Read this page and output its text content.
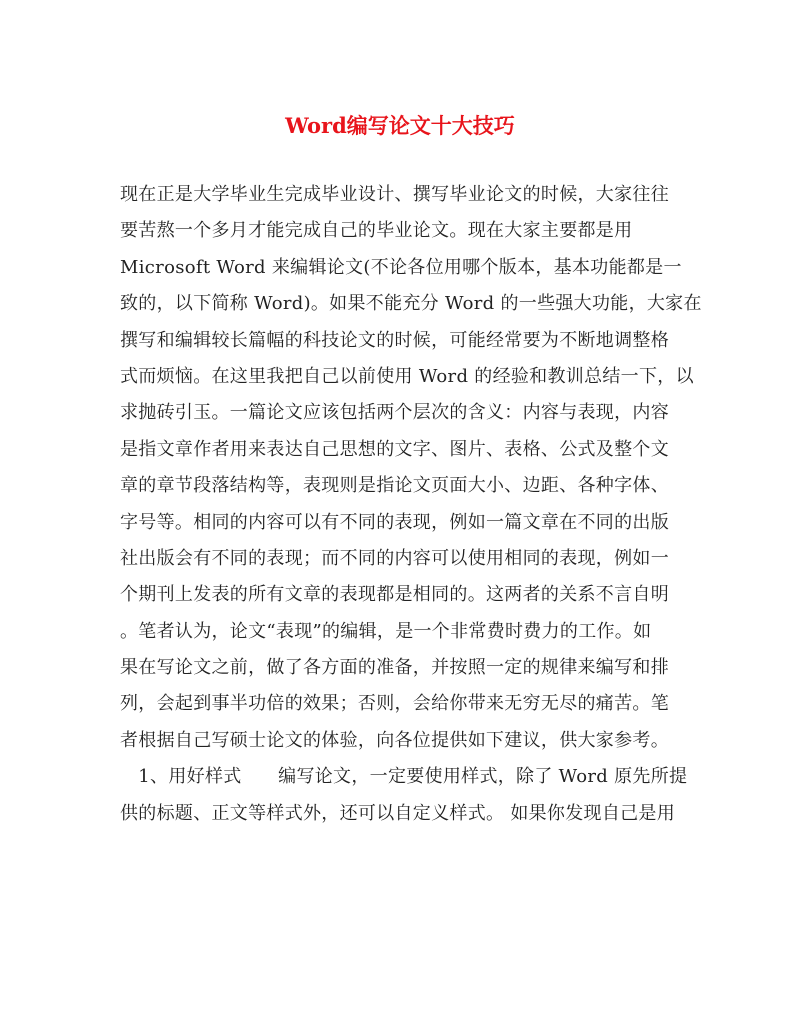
Word编写论文十大技巧
现在正是大学毕业生完成毕业设计、撰写毕业论文的时候，大家往往
要苦熬一个多月才能完成自己的毕业论文。现在大家主要都是用
Microsoft Word 来编辑论文(不论各位用哪个版本，基本功能都是一
致的，以下简称 Word)。如果不能充分 Word 的一些强大功能，大家在
撰写和编辑较长篇幅的科技论文的时候，可能经常要为不断地调整格
式而烦恼。在这里我把自己以前使用 Word 的经验和教训总结一下，以
求抛砖引玉。一篇论文应该包括两个层次的含义：内容与表现，内容
是指文章作者用来表达自己思想的文字、图片、表格、公式及整个文
章的章节段落结构等，表现则是指论文页面大小、边距、各种字体、
字号等。相同的内容可以有不同的表现，例如一篇文章在不同的出版
社出版会有不同的表现；而不同的内容可以使用相同的表现，例如一
个期刊上发表的所有文章的表现都是相同的。这两者的关系不言自明
。笔者认为，论文“表现”的编辑，是一个非常费时费力的工作。如
果在写论文之前，做了各方面的准备，并按照一定的规律来编写和排
列，会起到事半功倍的效果；否则，会给你带来无穷无尽的痛苦。笔
者根据自己写硕士论文的体验，向各位提供如下建议，供大家参考。
　1、用好样式　　编写论文，一定要使用样式，除了 Word 原先所提
供的标题、正文等样式外，还可以自定义样式。 如果你发现自己是用
